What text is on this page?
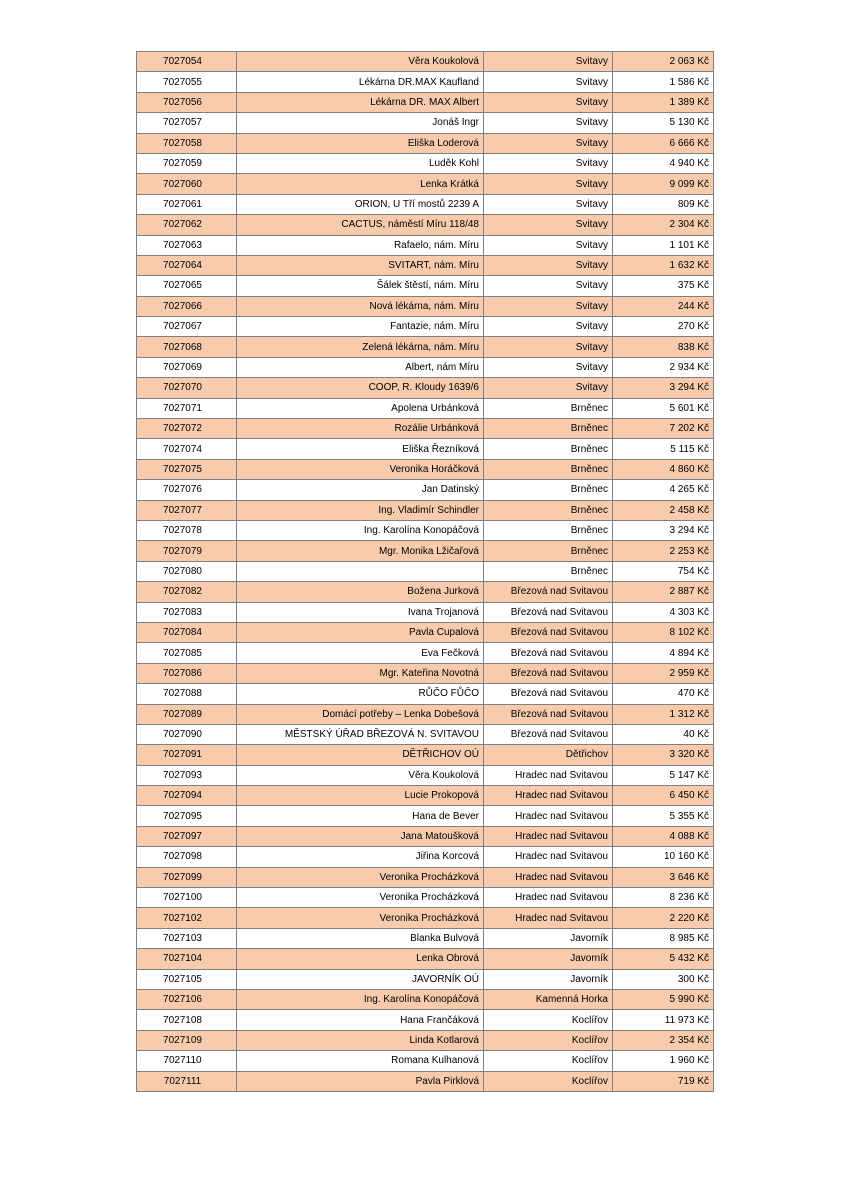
7027054	Věra Koukolová	Svitavy	2 063 Kč
7027055	Lékárna DR.MAX Kaufland	Svitavy	1 586 Kč
7027056	Lékárna DR. MAX Albert	Svitavy	1 389 Kč
7027057	Jonáš Ingr	Svitavy	5 130 Kč
7027058	Eliška Loderová	Svitavy	6 666 Kč
7027059	Luděk Kohl	Svitavy	4 940 Kč
7027060	Lenka Krátká	Svitavy	9 099 Kč
7027061	ORION, U Tří mostů 2239 A	Svitavy	809 Kč
7027062	CACTUS, náměstí Míru 118/48	Svitavy	2 304 Kč
7027063	Rafaelo, nám. Míru	Svitavy	1 101 Kč
7027064	SVITART, nám. Míru	Svitavy	1 632 Kč
7027065	Šálek štěstí, nám. Míru	Svitavy	375 Kč
7027066	Nová lékárna, nám. Míru	Svitavy	244 Kč
7027067	Fantazie, nám. Míru	Svitavy	270 Kč
7027068	Zelená lékárna, nám. Míru	Svitavy	838 Kč
7027069	Albert, nám Míru	Svitavy	2 934 Kč
7027070	COOP, R. Kloudy 1639/6	Svitavy	3 294 Kč
7027071	Apolena Urbánková	Brněnec	5 601 Kč
7027072	Rozálie Urbánková	Brněnec	7 202 Kč
7027074	Eliška Řezníková	Brněnec	5 115 Kč
7027075	Veronika Horáčková	Brněnec	4 860 Kč
7027076	Jan Datinský	Brněnec	4 265 Kč
7027077	Ing. Vladimír Schindler	Brněnec	2 458 Kč
7027078	Ing. Karolína Konopáčová	Brněnec	3 294 Kč
7027079	Mgr. Monika Lžičařová	Brněnec	2 253 Kč
7027080		Brněnec	754 Kč
7027082	Božena Jurková	Březová nad Svitavou	2 887 Kč
7027083	Ivana Trojanová	Březová nad Svitavou	4 303 Kč
7027084	Pavla Cupalová	Březová nad Svitavou	8 102 Kč
7027085	Eva Fečková	Březová nad Svitavou	4 894 Kč
7027086	Mgr. Kateřina Novotná	Březová nad Svitavou	2 959 Kč
7027088	RŮČO FŮČO	Březová nad Svitavou	470 Kč
7027089	Domácí potřeby – Lenka Dobešová	Březová nad Svitavou	1 312 Kč
7027090	MĚSTSKÝ ÚŘAD BŘEZOVÁ N. SVITAVOU	Březová nad Svitavou	40 Kč
7027091	DĚTŘICHOV OÚ	Dětřichov	3 320 Kč
7027093	Věra Koukolová	Hradec nad Svitavou	5 147 Kč
7027094	Lucie Prokopová	Hradec nad Svitavou	6 450 Kč
7027095	Hana de Bever	Hradec nad Svitavou	5 355 Kč
7027097	Jana Matoušková	Hradec nad Svitavou	4 088 Kč
7027098	Jiřina Korcová	Hradec nad Svitavou	10 160 Kč
7027099	Veronika Procházková	Hradec nad Svitavou	3 646 Kč
7027100	Veronika Procházková	Hradec nad Svitavou	8 236 Kč
7027102	Veronika Procházková	Hradec nad Svitavou	2 220 Kč
7027103	Blanka Bulvová	Javorník	8 985 Kč
7027104	Lenka Obrová	Javorník	5 432 Kč
7027105	JAVORNÍK OÚ	Javorník	300 Kč
7027106	Ing. Karolína Konopáčová	Kamenná Horka	5 990 Kč
7027108	Hana Frančáková	Koclířov	11 973 Kč
7027109	Linda Kotlarová	Koclířov	2 354 Kč
7027110	Romana Kulhanová	Koclířov	1 960 Kč
7027111	Pavla Pirklová	Koclířov	719 Kč
